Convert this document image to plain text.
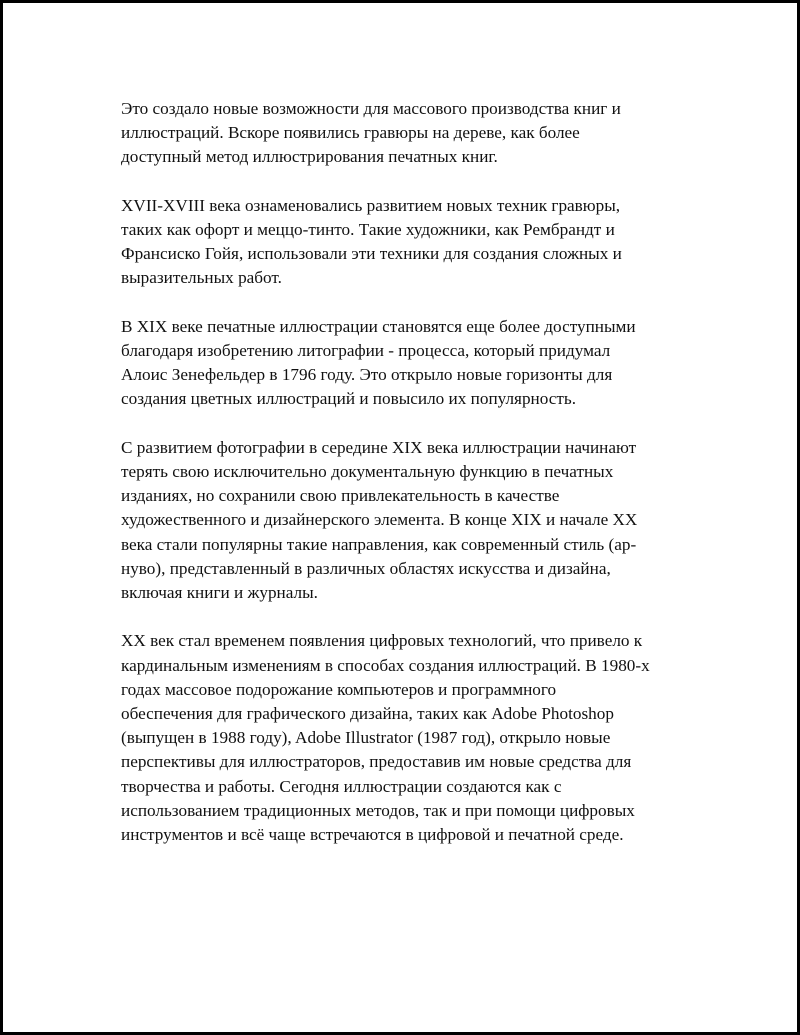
Это создало новые возможности для массового производства книг и
иллюстраций. Вскоре появились гравюры на дереве, как более
доступный метод иллюстрирования печатных книг.

XVII-XVIII века ознаменовались развитием новых техник гравюры,
таких как офорт и меццо-тинто. Такие художники, как Рембрандт и
Франсиско Гойя, использовали эти техники для создания сложных и
выразительных работ.

В XIX веке печатные иллюстрации становятся еще более доступными
благодаря изобретению литографии - процесса, который придумал
Алоис Зенефельдер в 1796 году. Это открыло новые горизонты для
создания цветных иллюстраций и повысило их популярность.

С развитием фотографии в середине XIX века иллюстрации начинают
терять свою исключительно документальную функцию в печатных
изданиях, но сохранили свою привлекательность в качестве
художественного и дизайнерского элемента. В конце XIX и начале XX
века стали популярны такие направления, как современный стиль (ар-
нуво), представленный в различных областях искусства и дизайна,
включая книги и журналы.

XX век стал временем появления цифровых технологий, что привело к
кардинальным изменениям в способах создания иллюстраций. В 1980-х
годах массовое подорожание компьютеров и программного
обеспечения для графического дизайна, таких как Adobe Photoshop
(выпущен в 1988 году), Adobe Illustrator (1987 год), открыло новые
перспективы для иллюстраторов, предоставив им новые средства для
творчества и работы. Сегодня иллюстрации создаются как с
использованием традиционных методов, так и при помощи цифровых
инструментов и всё чаще встречаются в цифровой и печатной среде.
